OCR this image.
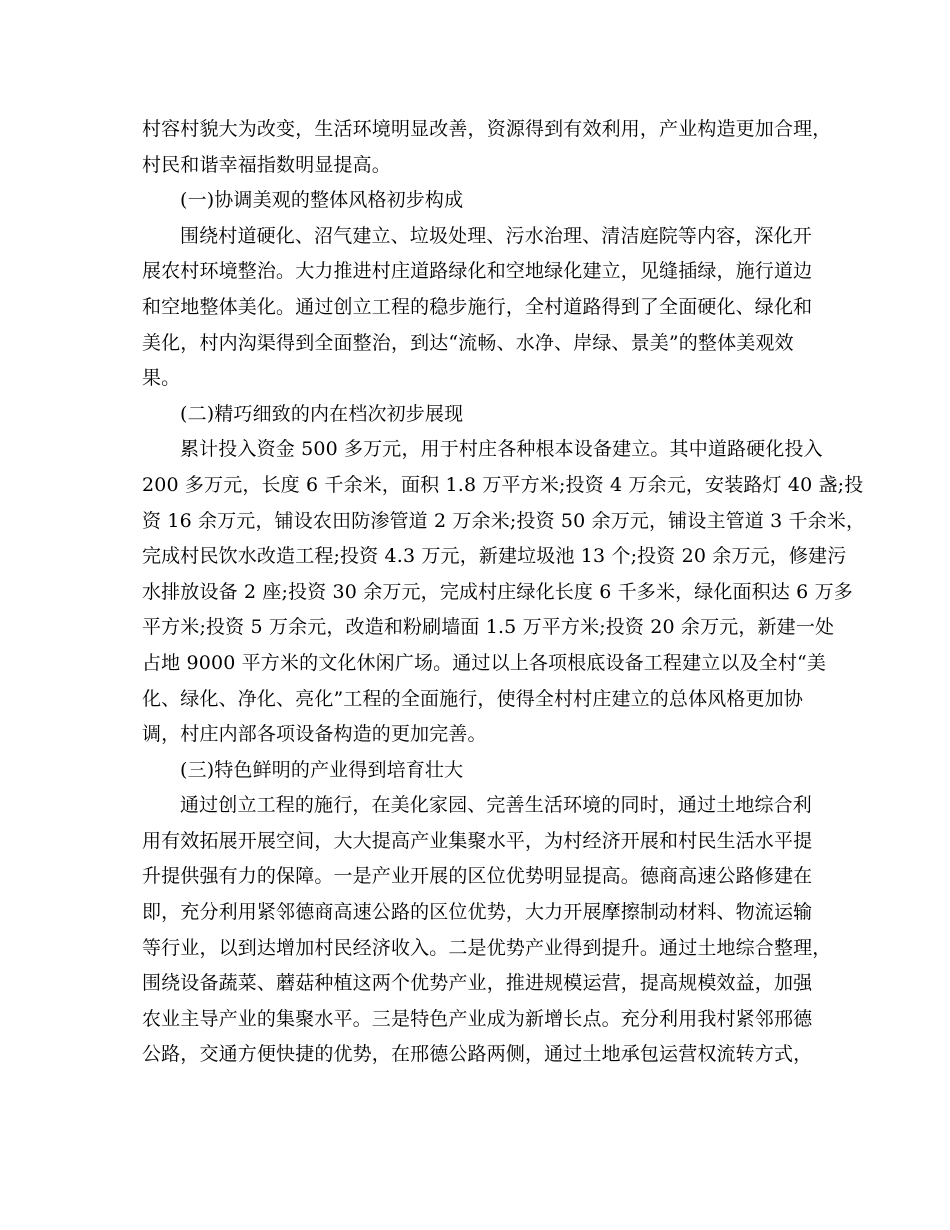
村容村貌大为改变，生活环境明显改善，资源得到有效利用，产业构造更加合理，
村民和谐幸福指数明显提高。
(一)协调美观的整体风格初步构成
围绕村道硬化、沼气建立、垃圾处理、污水治理、清洁庭院等内容，深化开
展农村环境整治。大力推进村庄道路绿化和空地绿化建立，见缝插绿，施行道边
和空地整体美化。通过创立工程的稳步施行，全村道路得到了全面硬化、绿化和
美化，村内沟渠得到全面整治，到达“流畅、水净、岸绿、景美”的整体美观效
果。
(二)精巧细致的内在档次初步展现
累计投入资金 500 多万元，用于村庄各种根本设备建立。其中道路硬化投入
200 多万元，长度 6 千余米，面积 1.8 万平方米;投资 4 万余元，安装路灯 40 盏;投
资 16 余万元，铺设农田防渗管道 2 万余米;投资 50 余万元，铺设主管道 3 千余米，
完成村民饮水改造工程;投资 4.3 万元，新建垃圾池 13 个;投资 20 余万元，修建污
水排放设备 2 座;投资 30 余万元，完成村庄绿化长度 6 千多米，绿化面积达 6 万多
平方米;投资 5 万余元，改造和粉刷墙面 1.5 万平方米;投资 20 余万元，新建一处
占地 9000 平方米的文化休闲广场。通过以上各项根底设备工程建立以及全村“美
化、绿化、净化、亮化”工程的全面施行，使得全村村庄建立的总体风格更加协
调，村庄内部各项设备构造的更加完善。
(三)特色鲜明的产业得到培育壮大
通过创立工程的施行，在美化家园、完善生活环境的同时，通过土地综合利
用有效拓展开展空间，大大提高产业集聚水平，为村经济开展和村民生活水平提
升提供强有力的保障。一是产业开展的区位优势明显提高。德商高速公路修建在
即，充分利用紧邻德商高速公路的区位优势，大力开展摩擦制动材料、物流运输
等行业，以到达增加村民经济收入。二是优势产业得到提升。通过土地综合整理，
围绕设备蔬菜、蘑菇种植这两个优势产业，推进规模运营，提高规模效益，加强
农业主导产业的集聚水平。三是特色产业成为新增长点。充分利用我村紧邻邢德
公路，交通方便快捷的优势，在邢德公路两侧，通过土地承包运营权流转方式，
